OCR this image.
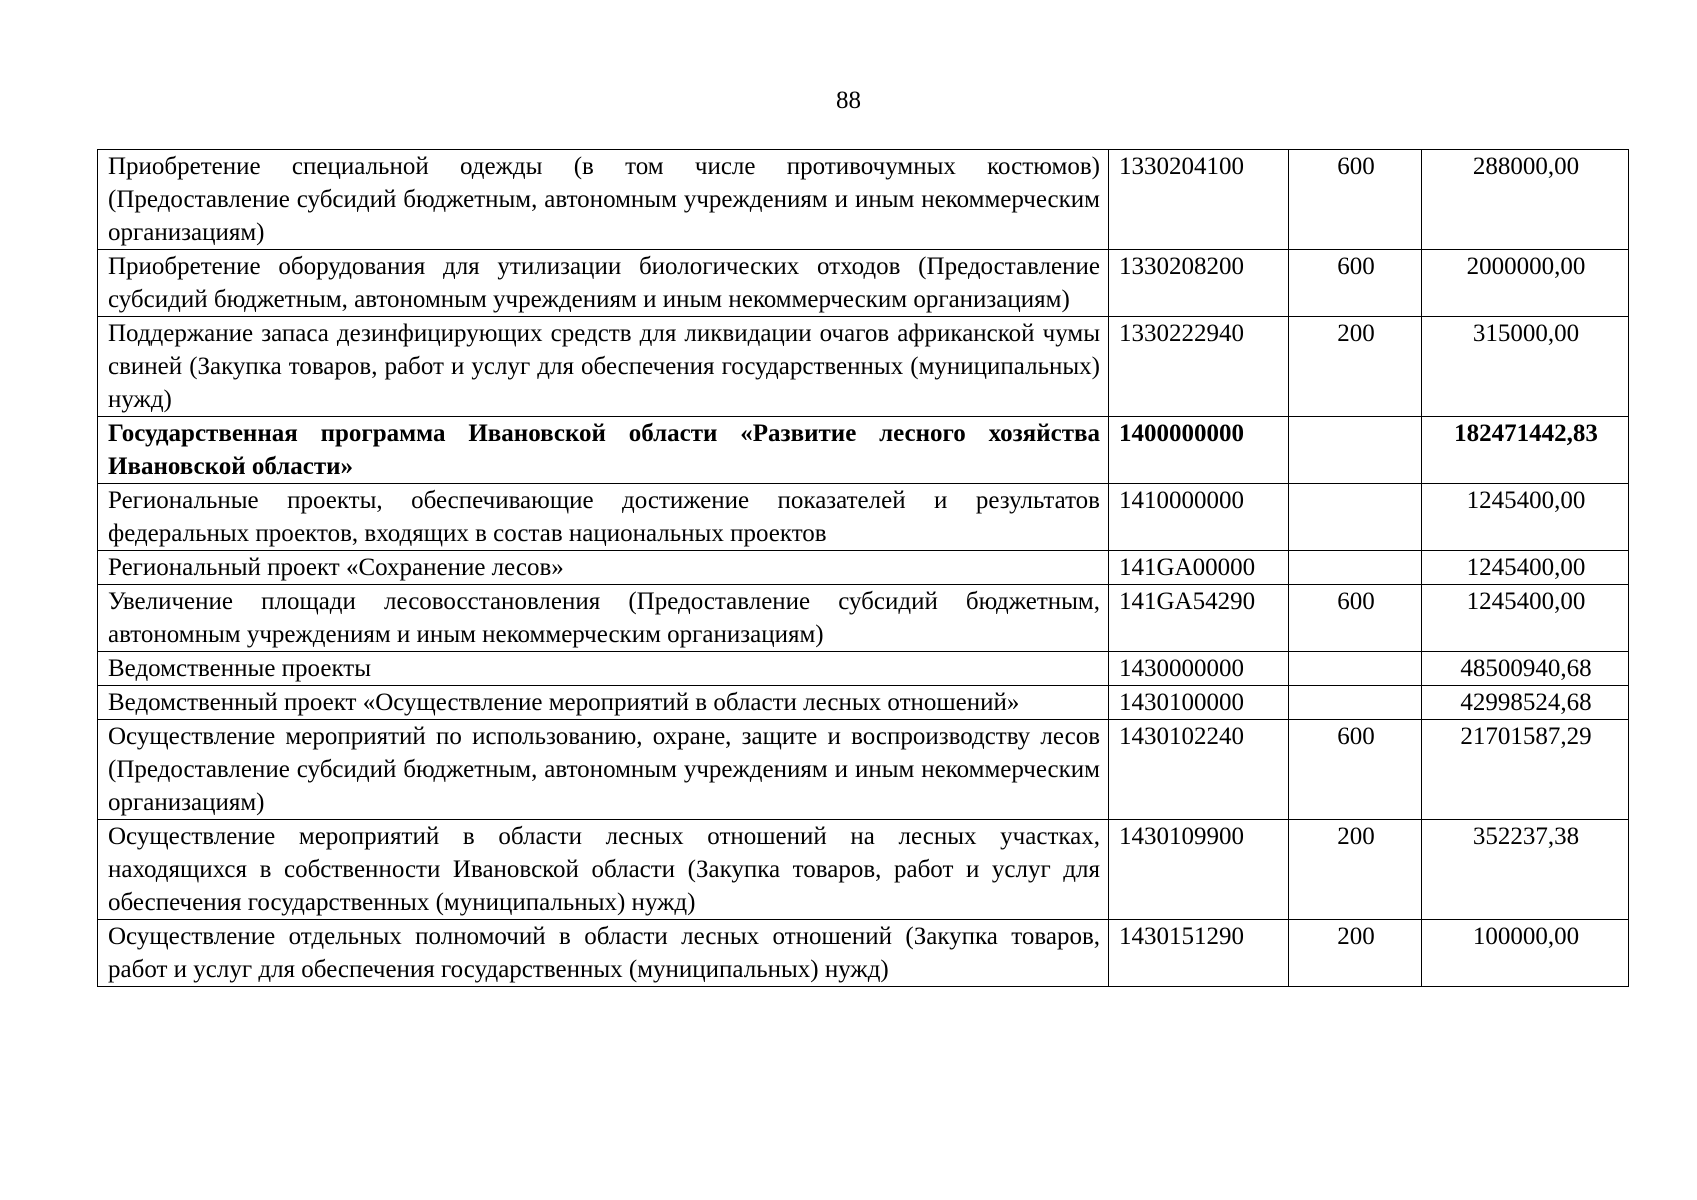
88
Приобретение специальной одежды (в том числе противочумных костюмов) (Предоставление субсидий бюджетным, автономным учреждениям и иным некоммерческим организациям)	1330204100	600	288000,00
Приобретение оборудования для утилизации биологических отходов (Предоставление субсидий бюджетным, автономным учреждениям и иным некоммерческим организациям)	1330208200	600	2000000,00
Поддержание запаса дезинфицирующих средств для ликвидации очагов африканской чумы свиней (Закупка товаров, работ и услуг для обеспечения государственных (муниципальных) нужд)	1330222940	200	315000,00
Государственная программа Ивановской области «Развитие лесного хозяйства Ивановской области»	1400000000		182471442,83
Региональные проекты, обеспечивающие достижение показателей и результатов федеральных проектов, входящих в состав национальных проектов	1410000000		1245400,00
Региональный проект «Сохранение лесов»	141GA00000		1245400,00
Увеличение площади лесовосстановления (Предоставление субсидий бюджетным, автономным учреждениям и иным некоммерческим организациям)	141GA54290	600	1245400,00
Ведомственные проекты	1430000000		48500940,68
Ведомственный проект «Осуществление мероприятий в области лесных отношений»	1430100000		42998524,68
Осуществление мероприятий по использованию, охране, защите и воспроизводству лесов (Предоставление субсидий бюджетным, автономным учреждениям и иным некоммерческим организациям)	1430102240	600	21701587,29
Осуществление мероприятий в области лесных отношений на лесных участках, находящихся в собственности Ивановской области (Закупка товаров, работ и услуг для обеспечения государственных (муниципальных) нужд)	1430109900	200	352237,38
Осуществление отдельных полномочий в области лесных отношений (Закупка товаров, работ и услуг для обеспечения государственных (муниципальных) нужд)	1430151290	200	100000,00
